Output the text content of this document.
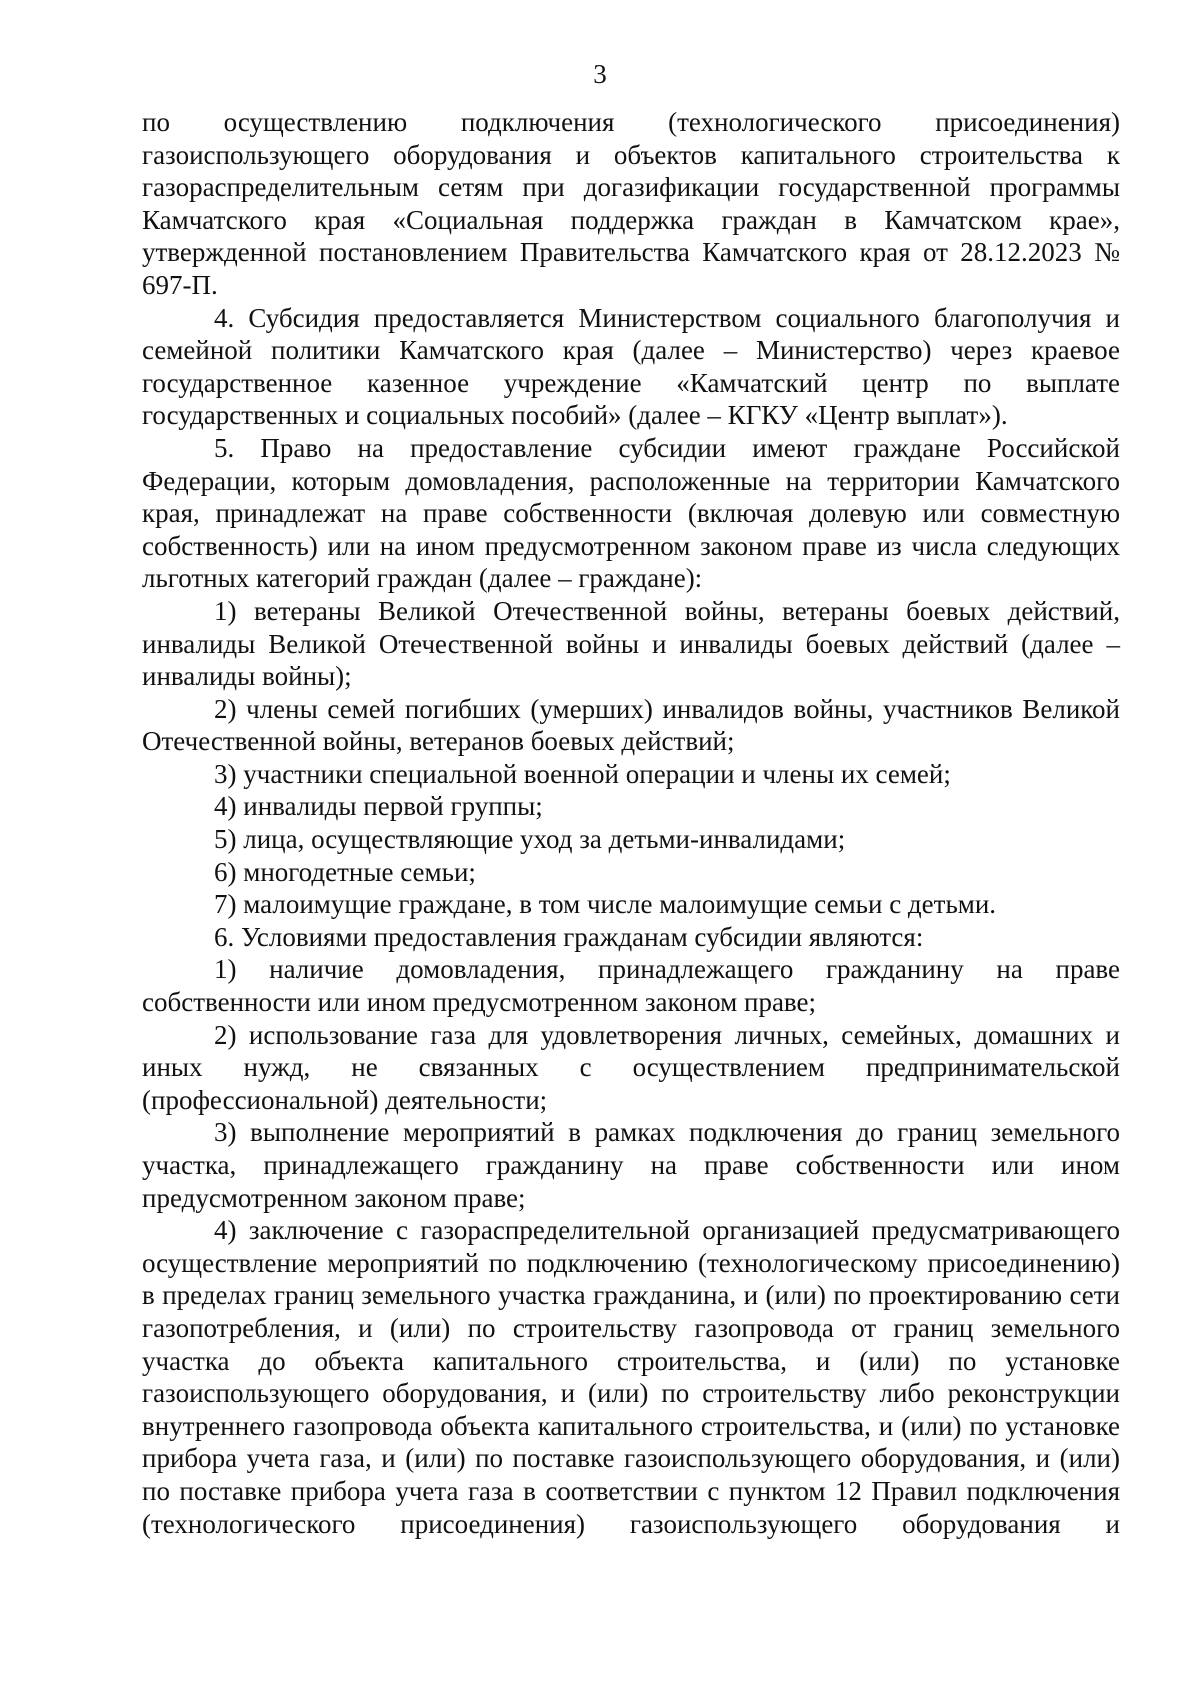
3

по осуществлению подключения (технологического присоединения) газоиспользующего оборудования и объектов капитального строительства к газораспределительным сетям при догазификации государственной программы Камчатского края «Социальная поддержка граждан в Камчатском крае», утвержденной постановлением Правительства Камчатского края от 28.12.2023 № 697-П.

4. Субсидия предоставляется Министерством социального благополучия и семейной политики Камчатского края (далее – Министерство) через краевое государственное казенное учреждение «Камчатский центр по выплате государственных и социальных пособий» (далее – КГКУ «Центр выплат»).

5. Право на предоставление субсидии имеют граждане Российской Федерации, которым домовладения, расположенные на территории Камчатского края, принадлежат на праве собственности (включая долевую или совместную собственность) или на ином предусмотренном законом праве из числа следующих льготных категорий граждан (далее – граждане):

1) ветераны Великой Отечественной войны, ветераны боевых действий, инвалиды Великой Отечественной войны и инвалиды боевых действий (далее – инвалиды войны);

2) члены семей погибших (умерших) инвалидов войны, участников Великой Отечественной войны, ветеранов боевых действий;

3) участники специальной военной операции и члены их семей;

4) инвалиды первой группы;

5) лица, осуществляющие уход за детьми-инвалидами;

6) многодетные семьи;

7) малоимущие граждане, в том числе малоимущие семьи с детьми.

6. Условиями предоставления гражданам субсидии являются:

1) наличие домовладения, принадлежащего гражданину на праве собственности или ином предусмотренном законом праве;

2) использование газа для удовлетворения личных, семейных, домашних и иных нужд, не связанных с осуществлением предпринимательской (профессиональной) деятельности;

3) выполнение мероприятий в рамках подключения до границ земельного участка, принадлежащего гражданину на праве собственности или ином предусмотренном законом праве;

4) заключение с газораспределительной организацией предусматривающего осуществление мероприятий по подключению (технологическому присоединению) в пределах границ земельного участка гражданина, и (или) по проектированию сети газопотребления, и (или) по строительству газопровода от границ земельного участка до объекта капитального строительства, и (или) по установке газоиспользующего оборудования, и (или) по строительству либо реконструкции внутреннего газопровода объекта капитального строительства, и (или) по установке прибора учета газа, и (или) по поставке газоиспользующего оборудования, и (или) по поставке прибора учета газа в соответствии с пунктом 12 Правил подключения (технологического присоединения) газоиспользующего оборудования и
